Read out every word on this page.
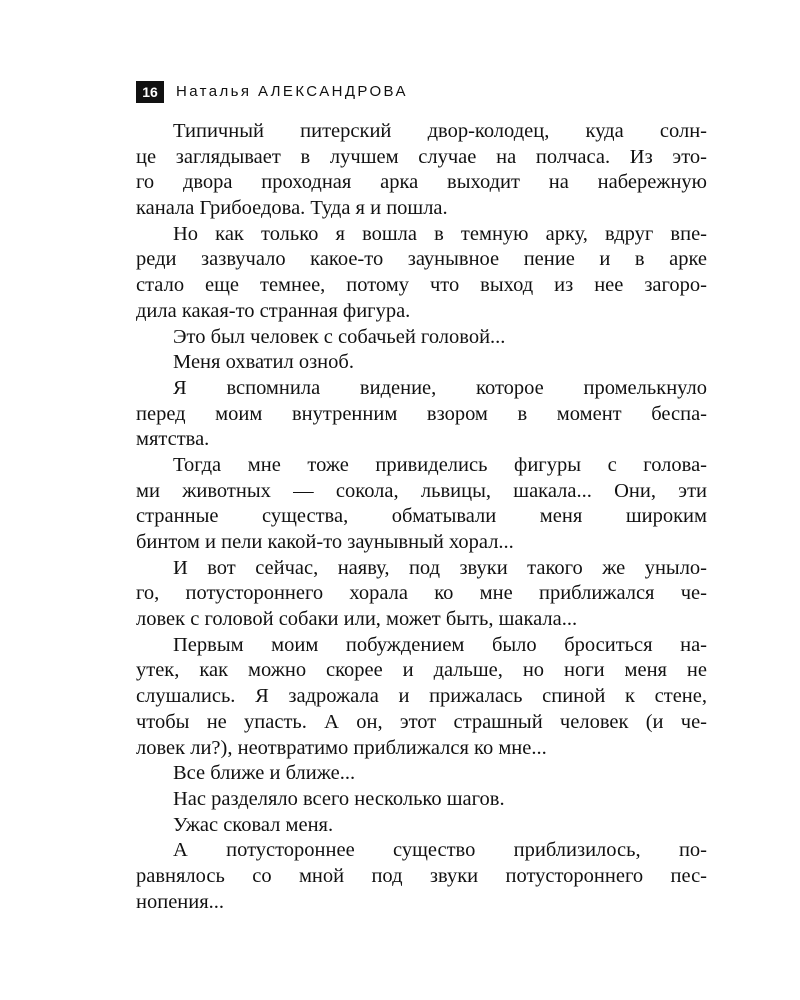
16	Наталья АЛЕКСАНДРОВА

Типичный питерский двор-колодец, куда солн-
це заглядывает в лучшем случае на полчаса. Из это-
го двора проходная арка выходит на набережную
канала Грибоедова. Туда я и пошла.

Но как только я вошла в темную арку, вдруг впе-
реди зазвучало какое-то заунывное пение и в арке
стало еще темнее, потому что выход из нее загоро-
дила какая-то странная фигура.

Это был человек с собачьей головой...

Меня охватил озноб.

Я вспомнила видение, которое промелькнуло
перед моим внутренним взором в момент беспа-
мятства.

Тогда мне тоже привиделись фигуры с голова-
ми животных — сокола, львицы, шакала... Они, эти
странные существа, обматывали меня широким
бинтом и пели какой-то заунывный хорал...

И вот сейчас, наяву, под звуки такого же уныло-
го, потустороннего хорала ко мне приближался че-
ловек с головой собаки или, может быть, шакала...

Первым моим побуждением было броситься на-
утек, как можно скорее и дальше, но ноги меня не
слушались. Я задрожала и прижалась спиной к стене,
чтобы не упасть. А он, этот страшный человек (и че-
ловек ли?), неотвратимо приближался ко мне...

Все ближе и ближе...

Нас разделяло всего несколько шагов.

Ужас сковал меня.

А потустороннее существо приблизилось, по-
равнялось со мной под звуки потустороннего пес-
нопения...
